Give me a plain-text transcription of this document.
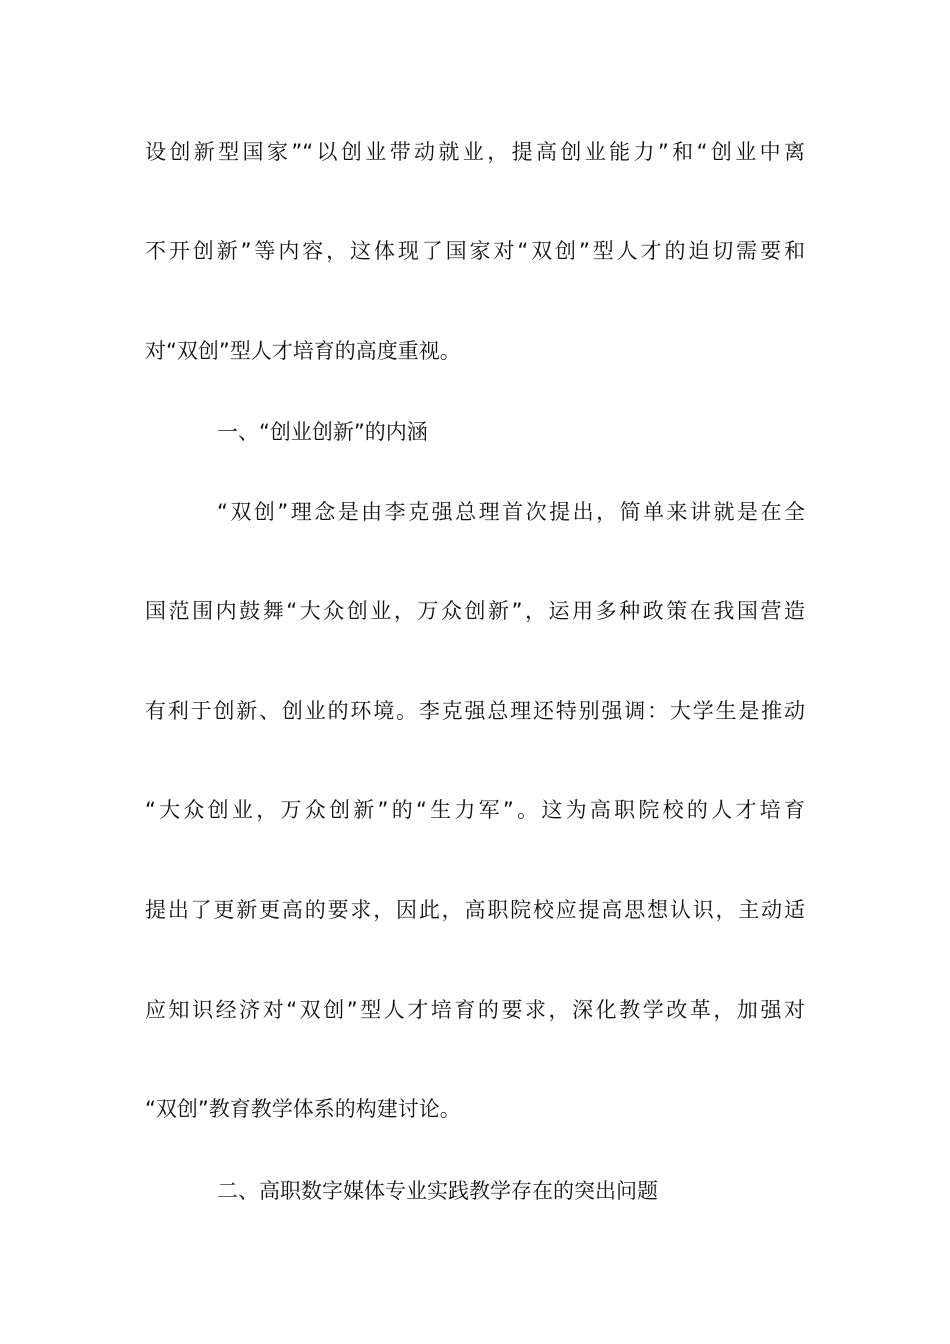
设创新型国家”“以创业带动就业，提高创业能力”和“创业中离
不开创新”等内容，这体现了国家对“双创”型人才的迫切需要和
对“双创”型人才培育的高度重视。
一、“创业创新”的内涵
“双创”理念是由李克强总理首次提出，简单来讲就是在全
国范围内鼓舞“大众创业，万众创新”，运用多种政策在我国营造
有利于创新、创业的环境。李克强总理还特别强调：大学生是推动
“大众创业，万众创新”的“生力军”。这为高职院校的人才培育
提出了更新更高的要求，因此，高职院校应提高思想认识，主动适
应知识经济对“双创”型人才培育的要求，深化教学改革，加强对
“双创”教育教学体系的构建讨论。
二、高职数字媒体专业实践教学存在的突出问题
